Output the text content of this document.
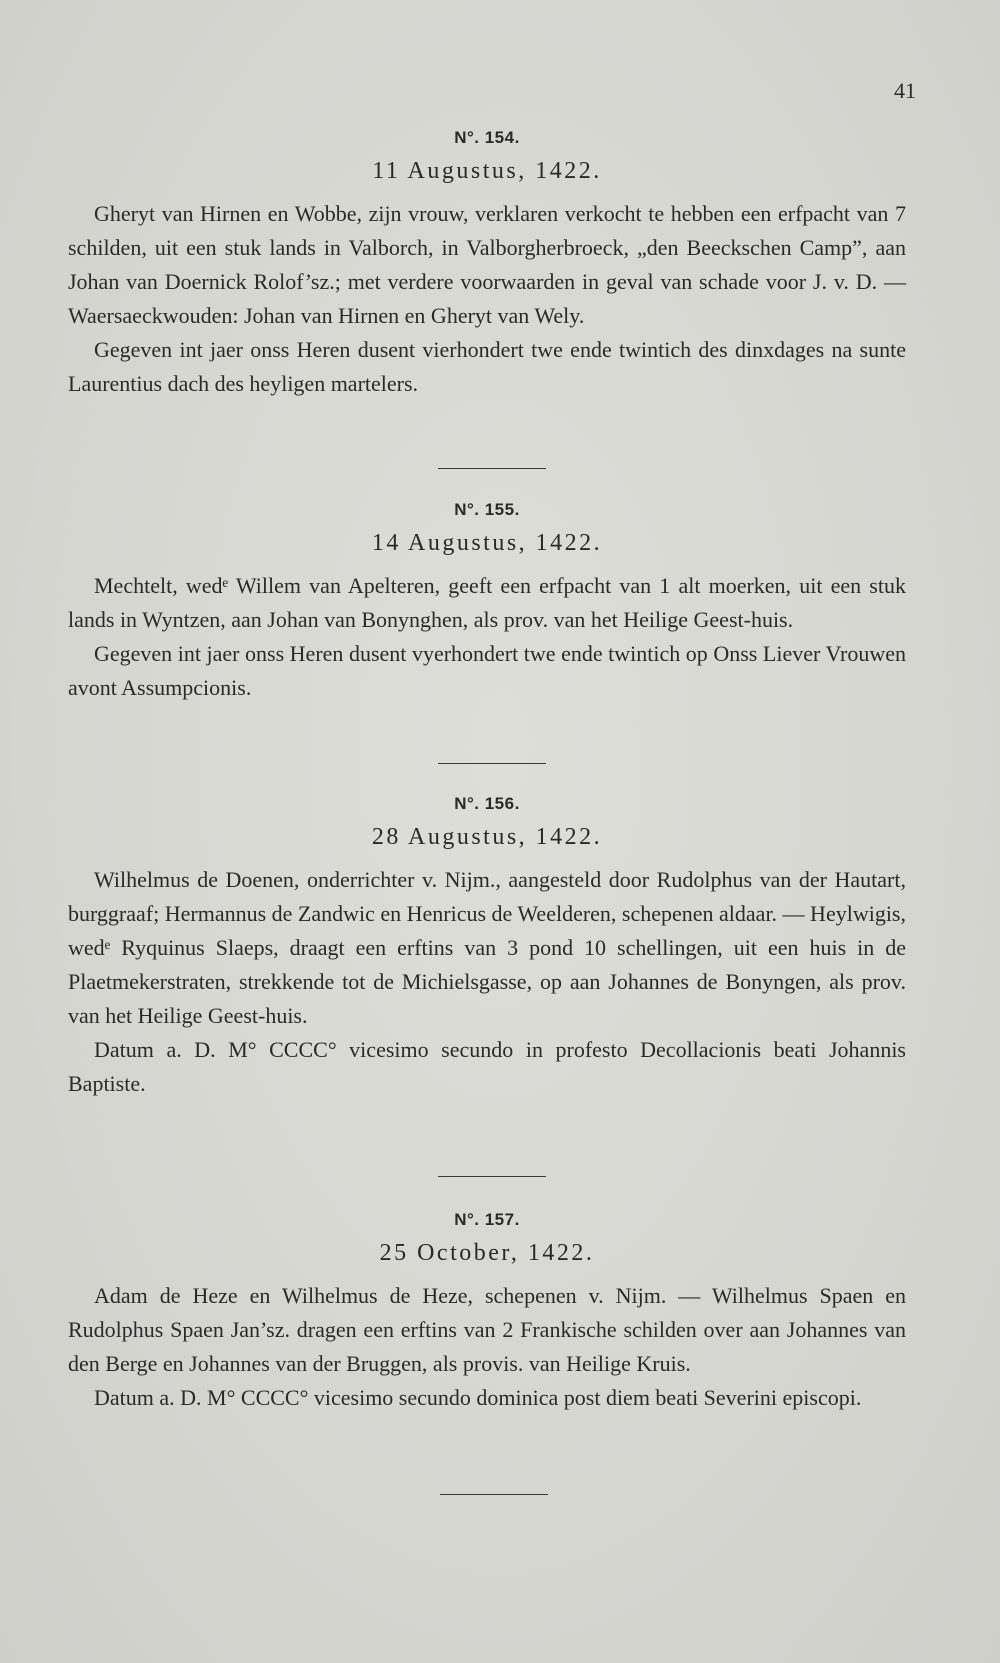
41
N°. 154.
11 Augustus, 1422.

Gheryt van Hirnen en Wobbe, zijn vrouw, verklaren verkocht te hebben een erfpacht van 7 schilden, uit een stuk lands in Valborch, in Valborgherbroeck, „den Beeckschen Camp”, aan Johan van Doernick Rolof’sz.; met verdere voorwaarden in geval van schade voor J. v. D. — Waersaeckwouden: Johan van Hirnen en Gheryt van Wely.

Gegeven int jaer onss Heren dusent vierhondert twe ende twintich des dinxdages na sunte Laurentius dach des heyligen martelers.

N°. 155.
14 Augustus, 1422.

Mechtelt, wedᵉ Willem van Apelteren, geeft een erfpacht van 1 alt moerken, uit een stuk lands in Wyntzen, aan Johan van Bonynghen, als prov. van het Heilige Geest-huis.

Gegeven int jaer onss Heren dusent vyerhondert twe ende twintich op Onss Liever Vrouwen avont Assumpcionis.

N°. 156.
28 Augustus, 1422.

Wilhelmus de Doenen, onderrichter v. Nijm., aangesteld door Rudolphus van der Hautart, burggraaf; Hermannus de Zandwic en Henricus de Weelderen, schepenen aldaar. — Heylwigis, wedᵉ Ryquinus Slaeps, draagt een erftins van 3 pond 10 schellingen, uit een huis in de Plaetmekerstraten, strekkende tot de Michielsgasse, op aan Johannes de Bonyngen, als prov. van het Heilige Geest-huis.

Datum a. D. M° CCCC° vicesimo secundo in profesto Decollacionis beati Johannis Baptiste.

N°. 157.
25 October, 1422.

Adam de Heze en Wilhelmus de Heze, schepenen v. Nijm. — Wilhelmus Spaen en Rudolphus Spaen Jan’sz. dragen een erftins van 2 Frankische schilden over aan Johannes van den Berge en Johannes van der Bruggen, als provis. van Heilige Kruis.

Datum a. D. M° CCCC° vicesimo secundo dominica post diem beati Severini episcopi.
